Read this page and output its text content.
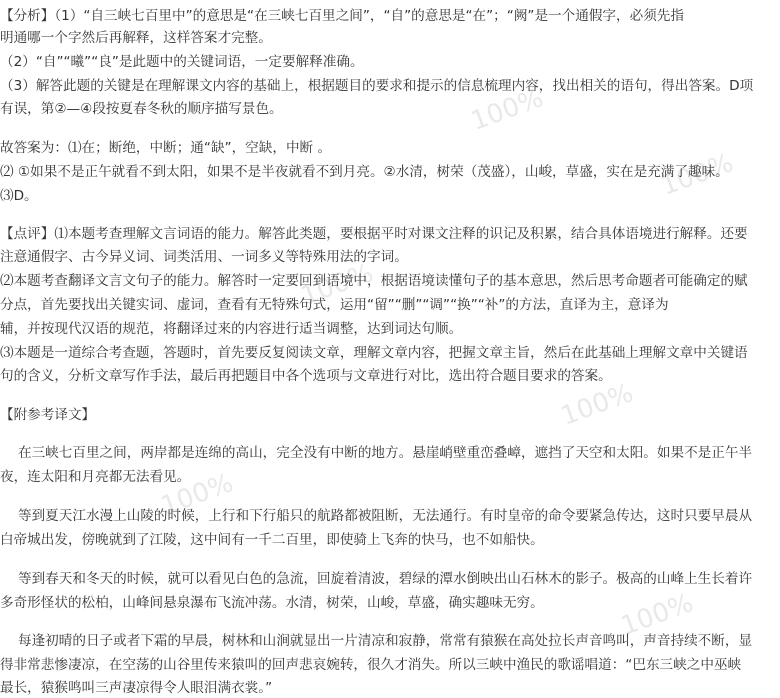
100%
100%
100%
100%
100%
100%
【分析】（1）“自三峡七百里中”的意思是“在三峡七百里之间”，“自”的意思是“在”；“阙”是一个通假字，必须先指
明通哪一个字然后再解释，这样答案才完整。
（2）“自”“曦”“良”是此题中的关键词语，一定要解释准确。
（3）解答此题的关键是在理解课文内容的基础上，根据题目的要求和提示的信息梳理内容，找出相关的语句，得出答案。D项
有误，第②—④段按夏春冬秋的顺序描写景色。
故答案为：⑴在；断绝，中断；通“缺”，空缺，中断 。
⑵ ①如果不是正午就看不到太阳，如果不是半夜就看不到月亮。②水清，树荣（茂盛），山峻，草盛，实在是充满了趣味。
⑶D。
【点评】⑴本题考查理解文言词语的能力。解答此类题，要根据平时对课文注释的识记及积累，结合具体语境进行解释。还要
注意通假字、古今异义词、词类活用、一词多义等特殊用法的字词。
⑵本题考查翻译文言文句子的能力。解答时一定要回到语境中，根据语境读懂句子的基本意思，然后思考命题者可能确定的赋
分点，首先要找出关键实词、虚词，查看有无特殊句式，运用“留”“删”“调”“换”“补”的方法，直译为主，意译为
辅，并按现代汉语的规范，将翻译过来的内容进行适当调整，达到词达句顺。
⑶本题是一道综合考查题，答题时，首先要反复阅读文章，理解文章内容，把握文章主旨，然后在此基础上理解文章中关键语
句的含义，分析文章写作手法，最后再把题目中各个选项与文章进行对比，选出符合题目要求的答案。
【附参考译文】
在三峡七百里之间，两岸都是连绵的高山，完全没有中断的地方。悬崖峭壁重峦叠嶂，遮挡了天空和太阳。如果不是正午半
夜，连太阳和月亮都无法看见。
等到夏天江水漫上山陵的时候，上行和下行船只的航路都被阻断，无法通行。有时皇帝的命令要紧急传达，这时只要早晨从
白帝城出发，傍晚就到了江陵，这中间有一千二百里，即使骑上飞奔的快马，也不如船快。
等到春天和冬天的时候，就可以看见白色的急流，回旋着清波，碧绿的潭水倒映出山石林木的影子。极高的山峰上生长着许
多奇形怪状的松柏，山峰间悬泉瀑布飞流冲荡。水清，树荣，山峻，草盛，确实趣味无穷。
每逢初晴的日子或者下霜的早晨，树林和山涧就显出一片清凉和寂静，常常有猿猴在高处拉长声音鸣叫，声音持续不断，显
得非常悲惨凄凉，在空荡的山谷里传来猿叫的回声悲哀婉转，很久才消失。所以三峡中渔民的歌谣唱道：“巴东三峡之中巫峡
最长，猿猴鸣叫三声凄凉得令人眼泪满衣裳。”
